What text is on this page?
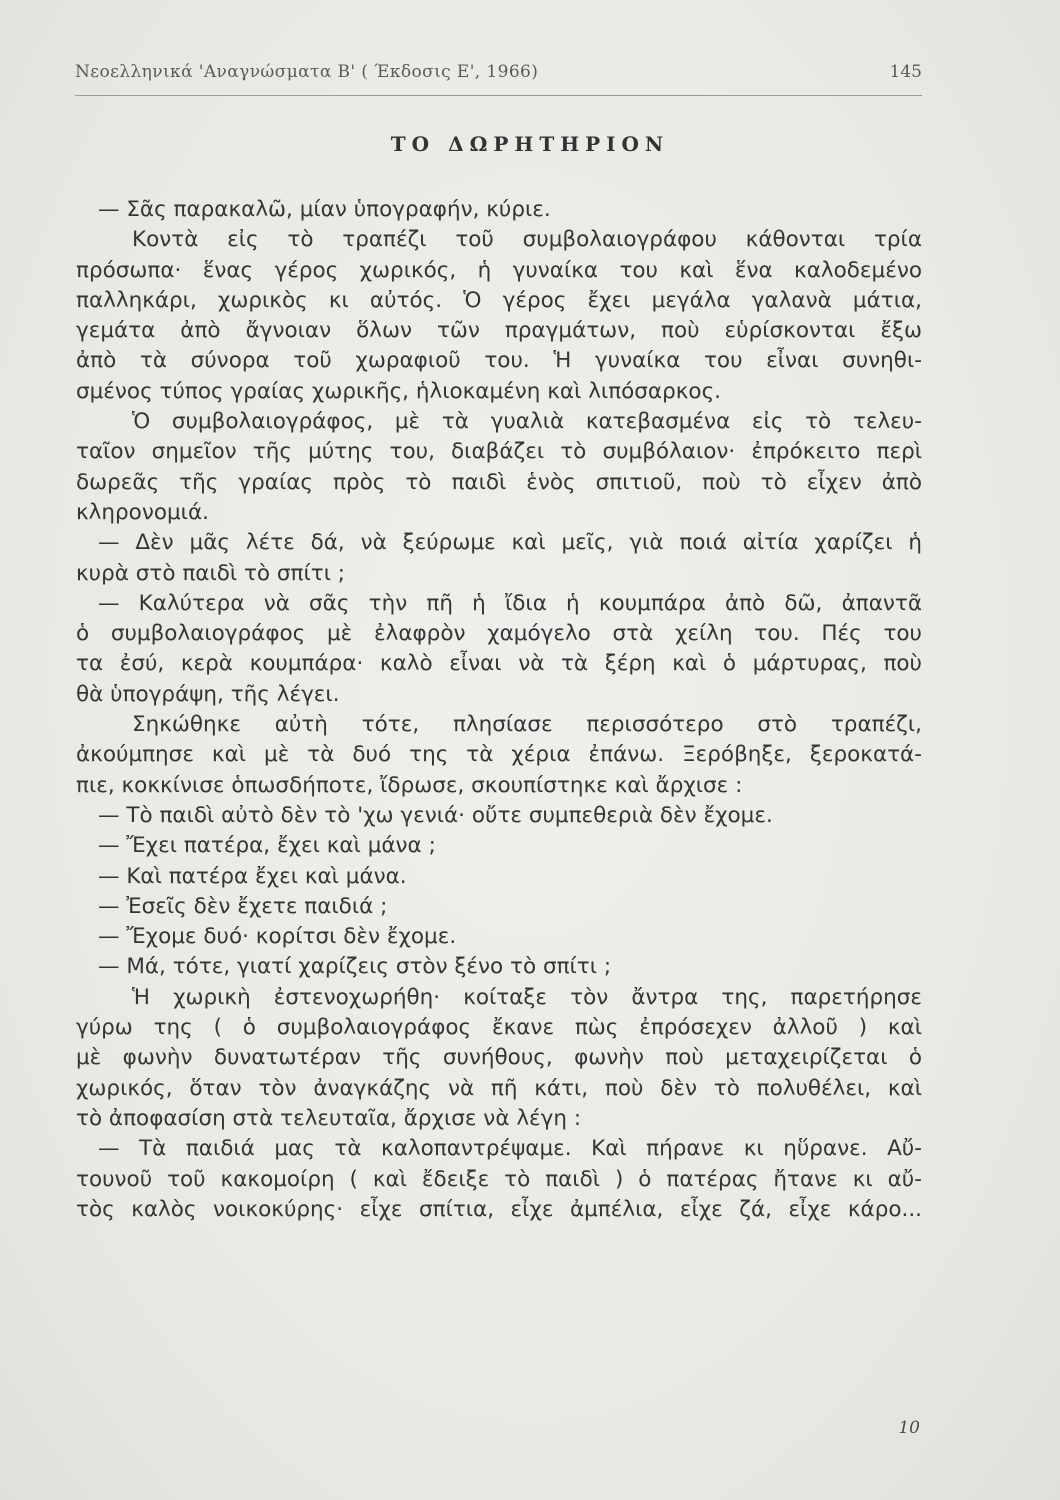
Νεοελληνικά 'Αναγνώσματα Β' ( Έκδοσις Ε', 1966)	145
ΤΟ ΔΩΡΗΤΗΡΙΟΝ
— Σᾶς παρακαλῶ, μίαν ὑπογραφήν, κύριε.
Κοντὰ εἰς τὸ τραπέζι τοῦ συμβολαιογράφου κάθονται τρία
πρόσωπα· ἕνας γέρος χωρικός, ἡ γυναίκα του καὶ ἕνα καλοδεμένο
παλληκάρι, χωρικὸς κι αὐτός. Ὁ γέρος ἔχει μεγάλα γαλανὰ μάτια,
γεμάτα ἀπὸ ἄγνοιαν ὅλων τῶν πραγμάτων, ποὺ εὑρίσκονται ἔξω
ἀπὸ τὰ σύνορα τοῦ χωραφιοῦ του. Ἡ γυναίκα του εἶναι συνηθι-
σμένος τύπος γραίας χωρικῆς, ἡλιοκαμένη καὶ λιπόσαρκος.
Ὁ συμβολαιογράφος, μὲ τὰ γυαλιὰ κατεβασμένα εἰς τὸ τελευ-
ταῖον σημεῖον τῆς μύτης του, διαβάζει τὸ συμβόλαιον· ἐπρόκειτο περὶ
δωρεᾶς τῆς γραίας πρὸς τὸ παιδὶ ἑνὸς σπιτιοῦ, ποὺ τὸ εἶχεν ἀπὸ
κληρονομιά.
— Δὲν μᾶς λέτε δά, νὰ ξεύρωμε καὶ μεῖς, γιὰ ποιά αἰτία χαρίζει ἡ
κυρὰ στὸ παιδὶ τὸ σπίτι ;
— Καλύτερα νὰ σᾶς τὴν πῆ ἡ ἴδια ἡ κουμπάρα ἀπὸ δῶ, ἀπαντᾶ
ὁ συμβολαιογράφος μὲ ἐλαφρὸν χαμόγελο στὰ χείλη του. Πές του
τα ἐσύ, κερὰ κουμπάρα· καλὸ εἶναι νὰ τὰ ξέρη καὶ ὁ μάρτυρας, ποὺ
θὰ ὑπογράψη, τῆς λέγει.
Σηκώθηκε αὐτὴ τότε, πλησίασε περισσότερο στὸ τραπέζι,
ἀκούμπησε καὶ μὲ τὰ δυό της τὰ χέρια ἐπάνω. Ξερόβηξε, ξεροκατά-
πιε, κοκκίνισε ὁπωσδήποτε, ἴδρωσε, σκουπίστηκε καὶ ἄρχισε :
— Τὸ παιδὶ αὐτὸ δὲν τὸ 'χω γενιά· οὔτε συμπεθεριὰ δὲν ἔχομε.
— Ἔχει πατέρα, ἔχει καὶ μάνα ;
— Καὶ πατέρα ἔχει καὶ μάνα.
— Ἐσεῖς δὲν ἔχετε παιδιά ;
— Ἔχομε δυό· κορίτσι δὲν ἔχομε.
— Μά, τότε, γιατί χαρίζεις στὸν ξένο τὸ σπίτι ;
Ἡ χωρικὴ ἐστενοχωρήθη· κοίταξε τὸν ἄντρα της, παρετήρησε
γύρω της ( ὁ συμβολαιογράφος ἔκανε πὼς ἐπρόσεχεν ἀλλοῦ ) καὶ
μὲ φωνὴν δυνατωτέραν τῆς συνήθους, φωνὴν ποὺ μεταχειρίζεται ὁ
χωρικός, ὅταν τὸν ἀναγκάζης νὰ πῆ κάτι, ποὺ δὲν τὸ πολυθέλει, καὶ
τὸ ἀποφασίση στὰ τελευταῖα, ἄρχισε νὰ λέγη :
— Τὰ παιδιά μας τὰ καλοπαντρέψαμε. Καὶ πήρανε κι ηὕρανε. Αὔ-
τουνοῦ τοῦ κακομοίρη ( καὶ ἔδειξε τὸ παιδὶ ) ὁ πατέρας ἤτανε κι αὔ-
τὸς καλὸς νοικοκύρης· εἶχε σπίτια, εἶχε ἀμπέλια, εἶχε ζά, εἶχε κάρο...
10
